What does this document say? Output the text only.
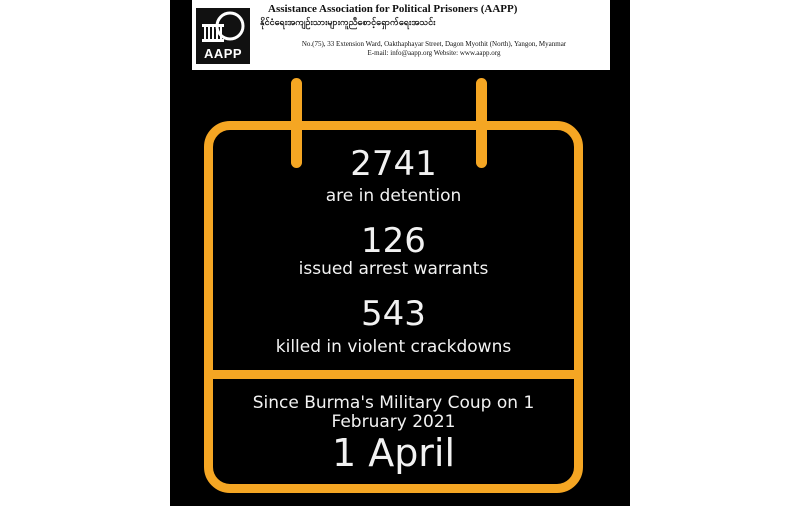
AAPP
Assistance Association for Political Prisoners (AAPP)
နိုင်ငံရေးအကျဉ်းသားများကူညီစောင့်ရှောက်ရေးအသင်း
No.(75), 33 Extension Ward, Oakthaphayar Street, Dagon Myothit (North), Yangon, Myanmar
E-mail: info@aapp.org Website: www.aapp.org
2741
are in detention
126
issued arrest warrants
543
killed in violent crackdowns
Since Burma's Military Coup on 1
February 2021
1 April
